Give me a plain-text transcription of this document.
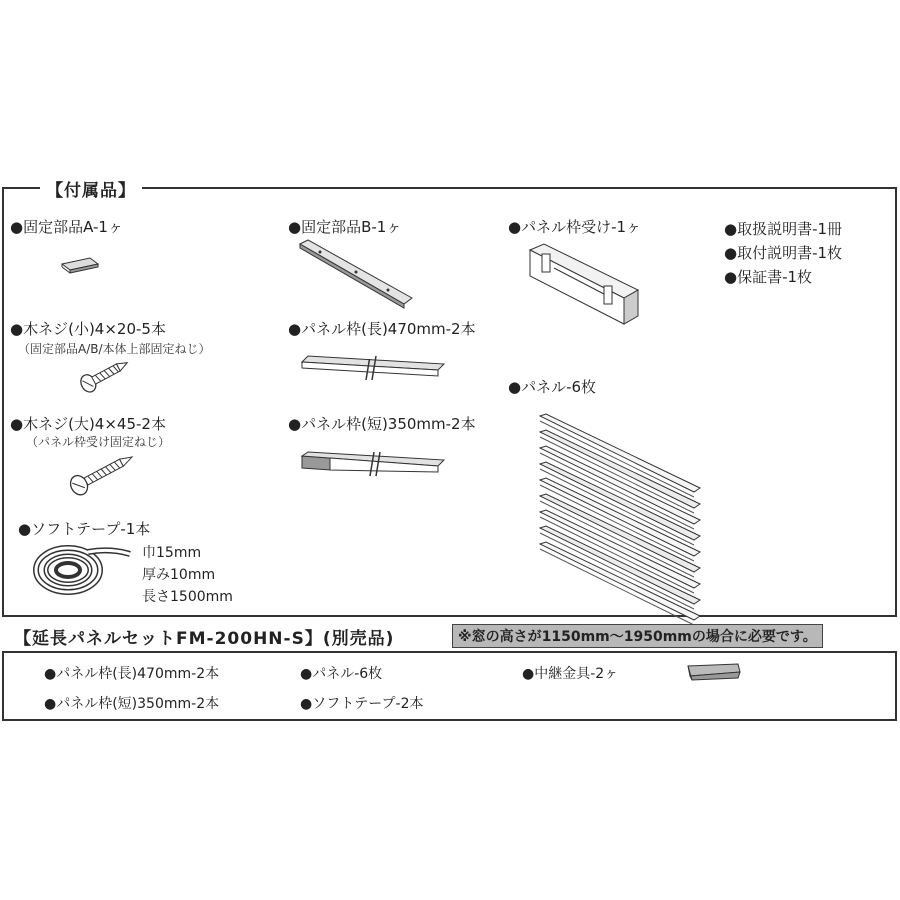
【付属品】
●固定部品A-1ヶ
●木ネジ(小)4×20-5本
（固定部品A/B/本体上部固定ねじ）
●木ネジ(大)4×45-2本
（パネル枠受け固定ねじ）
●ソフトテープ-1本
巾15mm
厚み10mm
長さ1500mm
●固定部品B-1ヶ
●パネル枠(長)470mm-2本
●パネル枠(短)350mm-2本
●パネル枠受け-1ヶ
●パネル-6枚
●取扱説明書-1冊
●取付説明書-1枚
●保証書-1枚
【延長パネルセットFM-200HN-S】(別売品)	※窓の高さが1150mm～1950mmの場合に必要です。
●パネル枠(長)470mm-2本	●パネル-6枚	●中継金具-2ヶ
●パネル枠(短)350mm-2本	●ソフトテープ-2本
